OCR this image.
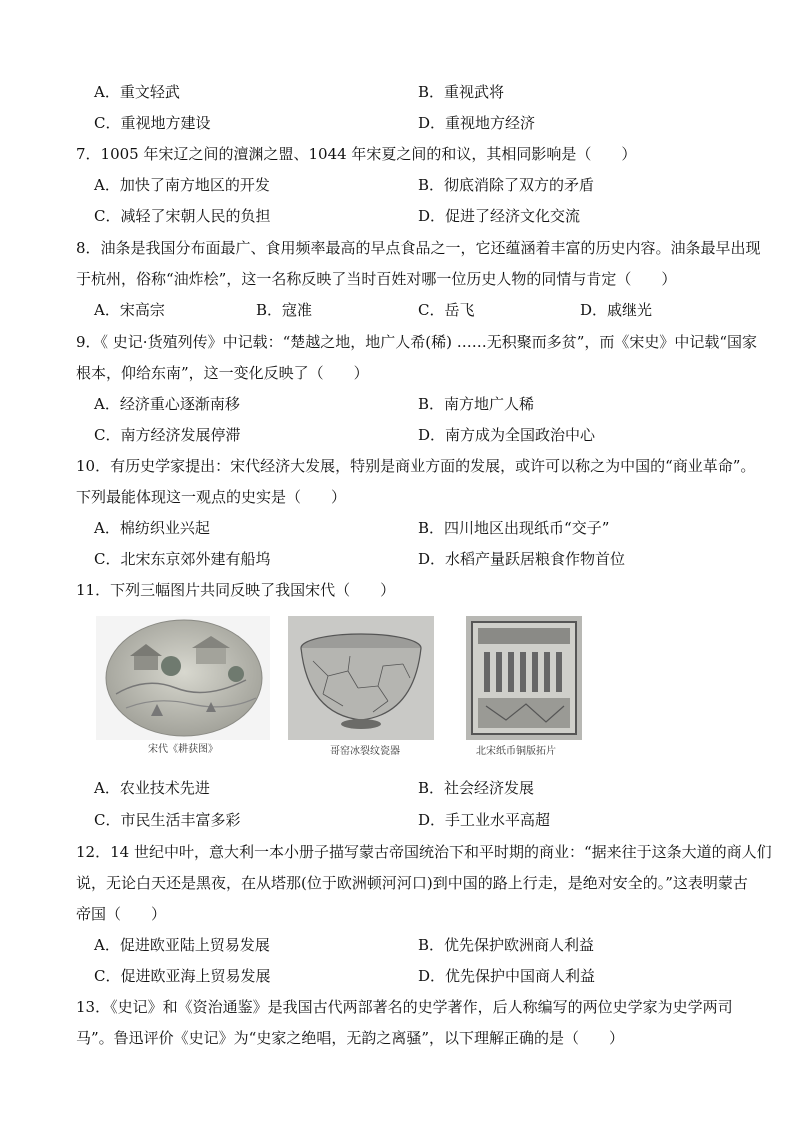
A．重文轻武	B．重视武将
C．重视地方建设	D．重视地方经济
7．1005 年宋辽之间的澶渊之盟、1044 年宋夏之间的和议，其相同影响是（　　）
A．加快了南方地区的开发	B．彻底消除了双方的矛盾
C．减轻了宋朝人民的负担	D．促进了经济文化交流
8．油条是我国分布面最广、食用频率最高的早点食品之一，它还蕴涵着丰富的历史内容。油条最早出现
于杭州，俗称“油炸桧”，这一名称反映了当时百姓对哪一位历史人物的同情与肯定（　　）
A．宋高宗	B．寇准	C．岳飞	D．戚继光
9．《 史记·货殖列传》中记载：“楚越之地，地广人希(稀) ……无积聚而多贫”，而《宋史》中记载“国家
根本，仰给东南”，这一变化反映了（　　）
A．经济重心逐渐南移	B．南方地广人稀
C．南方经济发展停滞	D．南方成为全国政治中心
10．有历史学家提出：宋代经济大发展，特别是商业方面的发展，或许可以称之为中国的“商业革命”。
下列最能体现这一观点的史实是（　　）
A．棉纺织业兴起	B．四川地区出现纸币“交子”
C．北宋东京郊外建有船坞	D．水稻产量跃居粮食作物首位
11．下列三幅图片共同反映了我国宋代（　　）
宋代《耕获图》	哥窑冰裂纹瓷器	北宋纸币铜版拓片
A．农业技术先进	B．社会经济发展
C．市民生活丰富多彩	D．手工业水平高超
12．14 世纪中叶，意大利一本小册子描写蒙古帝国统治下和平时期的商业：“据来往于这条大道的商人们
说，无论白天还是黑夜，在从塔那(位于欧洲顿河河口)到中国的路上行走，是绝对安全的。”这表明蒙古
帝国（　　）
A．促进欧亚陆上贸易发展	B．优先保护欧洲商人利益
C．促进欧亚海上贸易发展	D．优先保护中国商人利益
13．《史记》和《资治通鉴》是我国古代两部著名的史学著作，后人称编写的两位史学家为史学两司
马”。鲁迅评价《史记》为“史家之绝唱，无韵之离骚”，以下理解正确的是（　　）
